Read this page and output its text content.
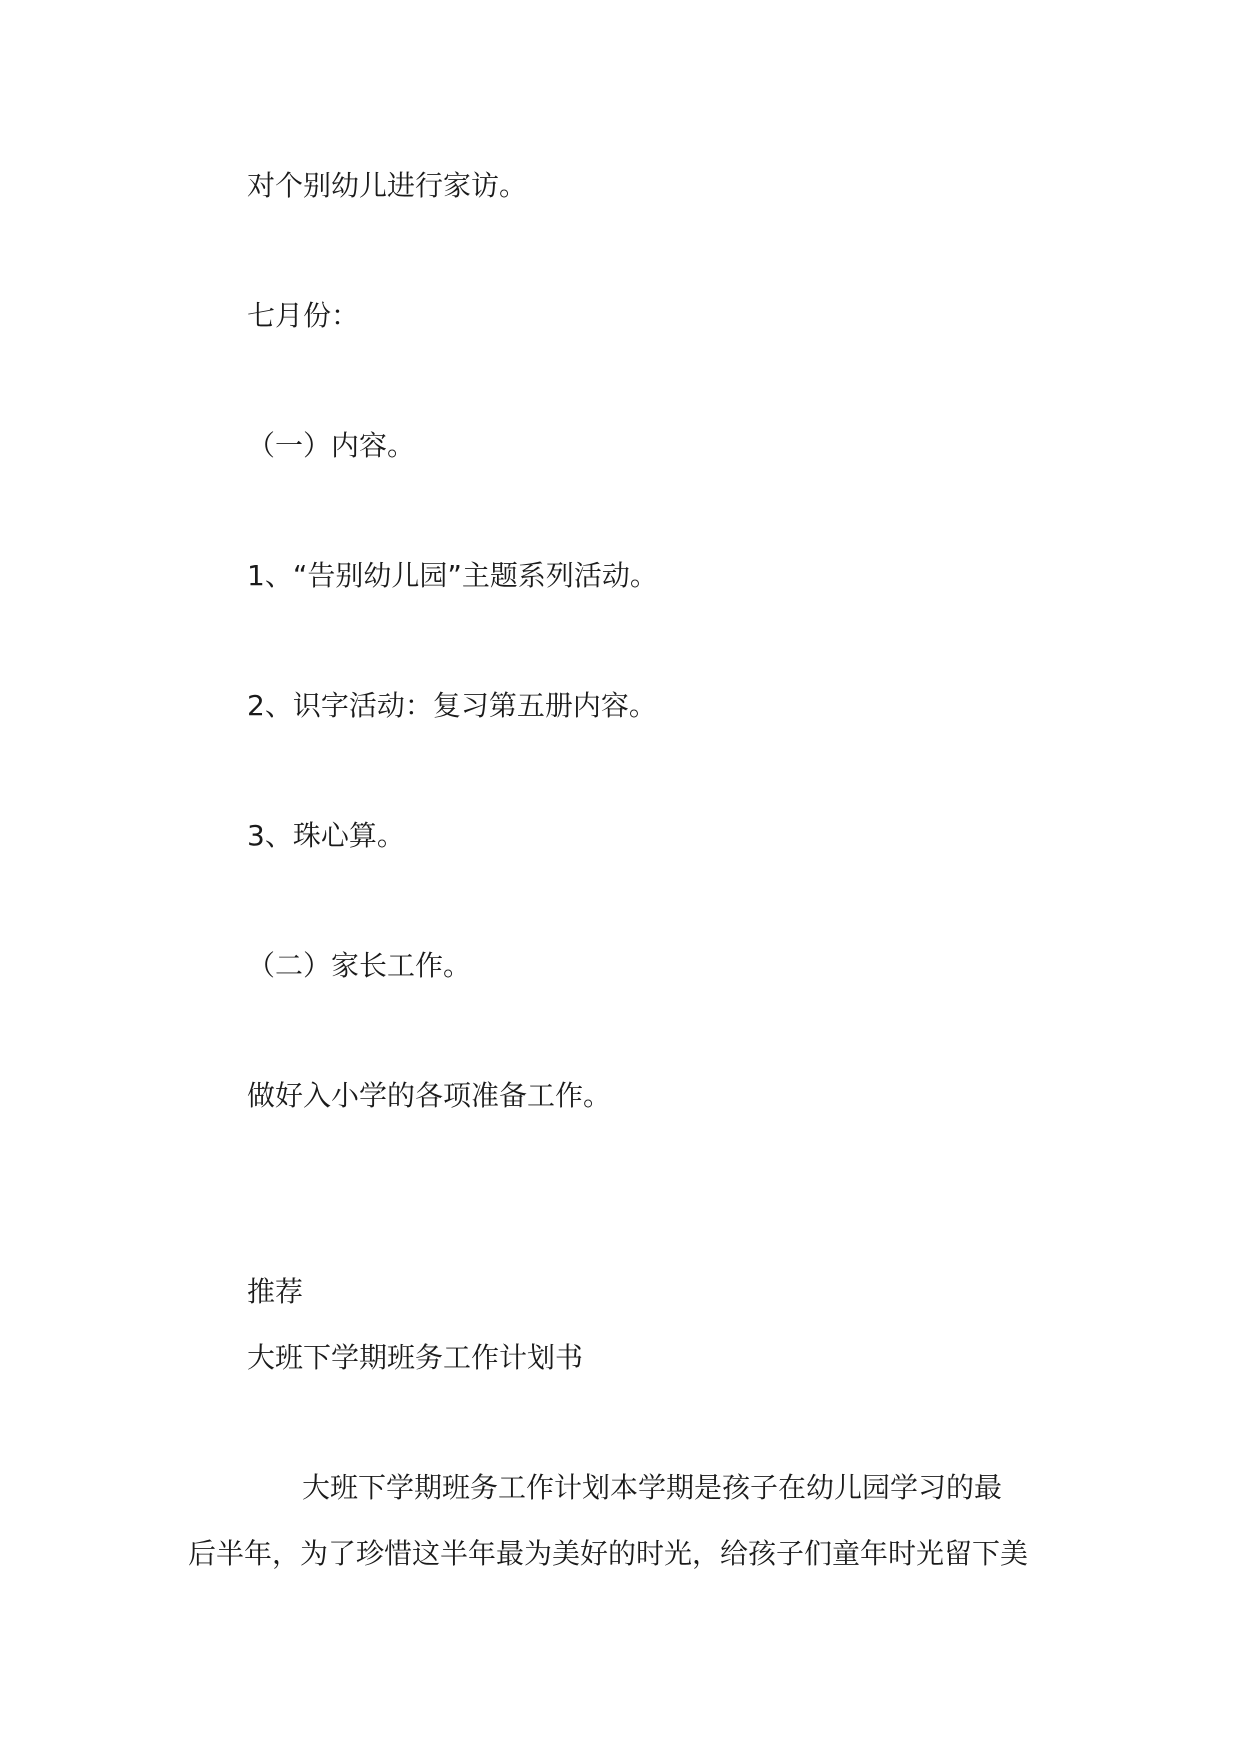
对个别幼儿进行家访。
七月份：
（一）内容。
1、“告别幼儿园”主题系列活动。
2、识字活动：复习第五册内容。
3、珠心算。
（二）家长工作。
做好入小学的各项准备工作。
推荐
大班下学期班务工作计划书
大班下学期班务工作计划本学期是孩子在幼儿园学习的最
后半年，为了珍惜这半年最为美好的时光，给孩子们童年时光留下美
